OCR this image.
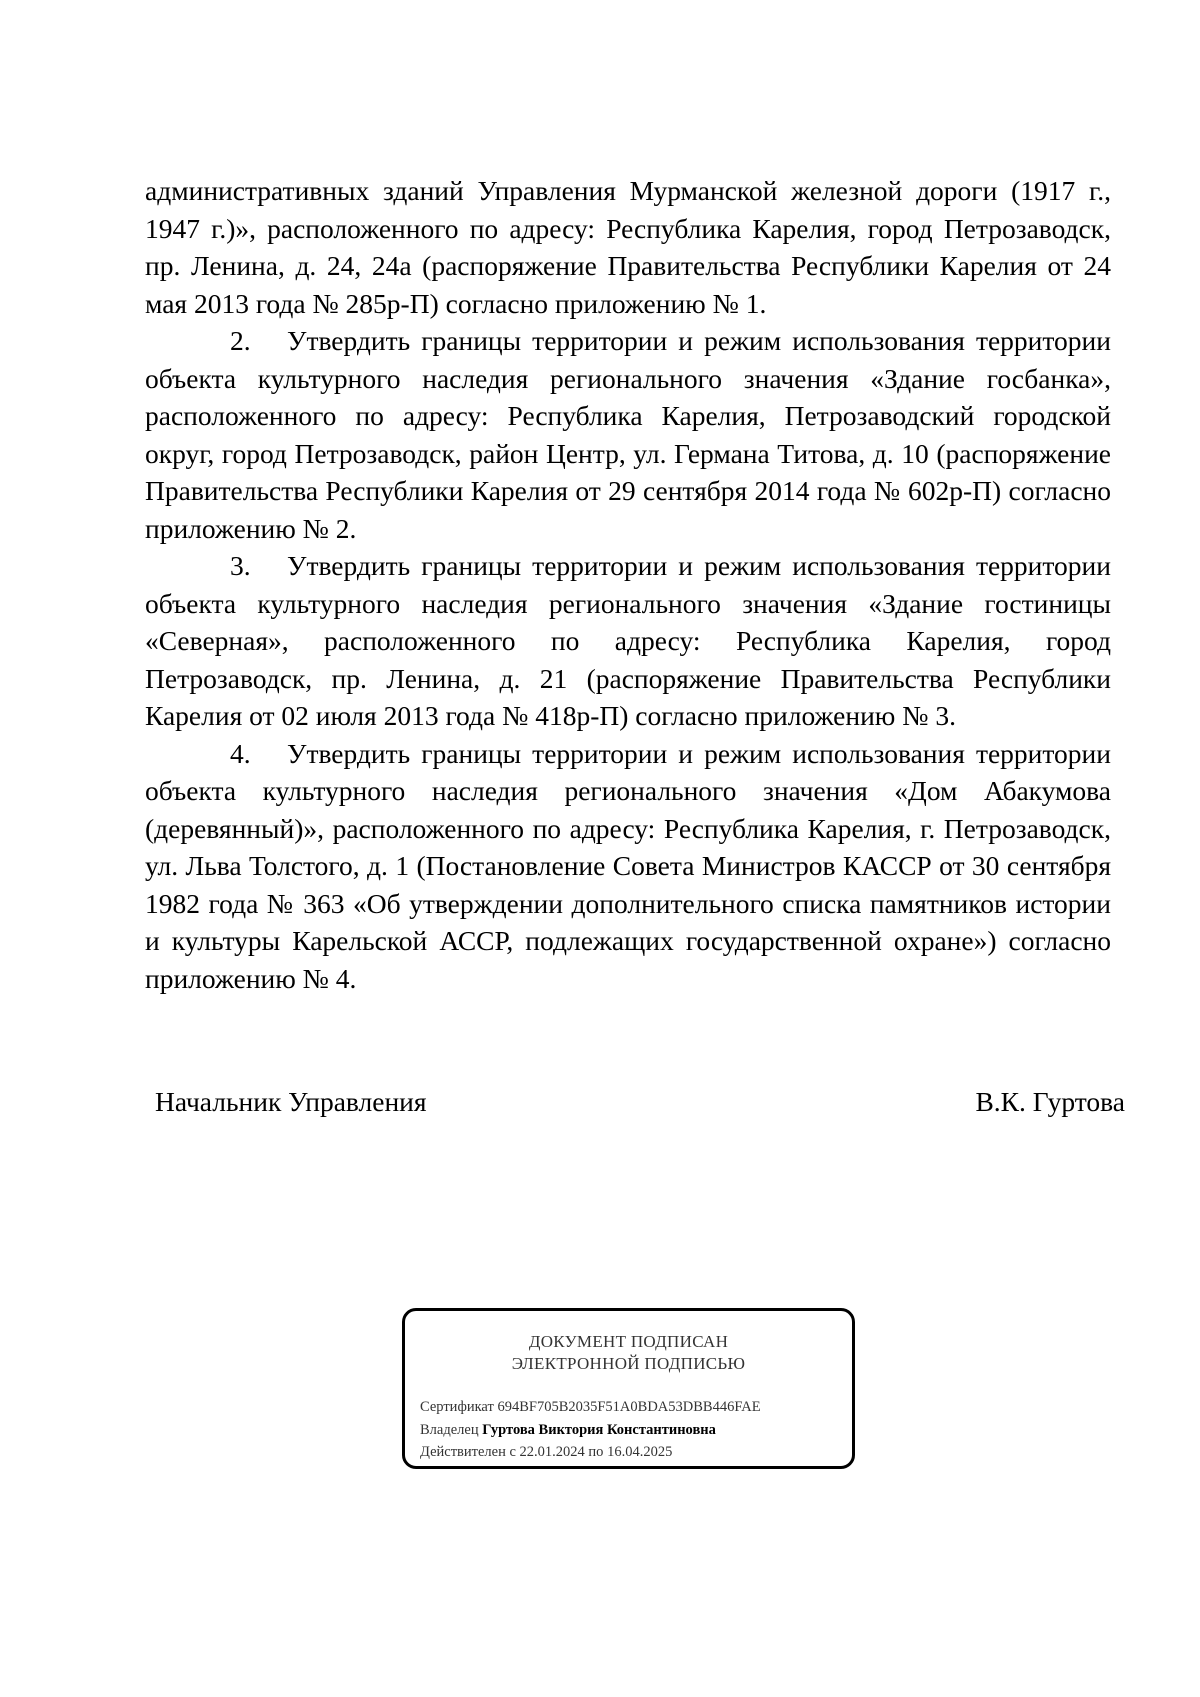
административных зданий Управления Мурманской железной дороги (1917 г., 1947 г.)», расположенного по адресу: Республика Карелия, город Петрозаводск, пр. Ленина, д. 24, 24а (распоряжение Правительства Республики Карелия от 24 мая 2013 года № 285р-П) согласно приложению № 1.

2. Утвердить границы территории и режим использования территории объекта культурного наследия регионального значения «Здание госбанка», расположенного по адресу: Республика Карелия, Петрозаводский городской округ, город Петрозаводск, район Центр, ул. Германа Титова, д. 10 (распоряжение Правительства Республики Карелия от 29 сентября 2014 года № 602р-П) согласно приложению № 2.

3. Утвердить границы территории и режим использования территории объекта культурного наследия регионального значения «Здание гостиницы «Северная», расположенного по адресу: Республика Карелия, город Петрозаводск, пр. Ленина, д. 21 (распоряжение Правительства Республики Карелия от 02 июля 2013 года № 418р-П) согласно приложению № 3.

4. Утвердить границы территории и режим использования территории объекта культурного наследия регионального значения «Дом Абакумова (деревянный)», расположенного по адресу: Республика Карелия, г. Петрозаводск, ул. Льва Толстого, д. 1 (Постановление Совета Министров КАССР от 30 сентября 1982 года № 363 «Об утверждении дополнительного списка памятников истории и культуры Карельской АССР, подлежащих государственной охране») согласно приложению № 4.

Начальник Управления	В.К. Гуртова
ДОКУМЕНТ ПОДПИСАН
ЭЛЕКТРОННОЙ ПОДПИСЬЮ
Сертификат 694BF705B2035F51A0BDA53DBB446FAE
Владелец Гуртова Виктория Константиновна
Действителен с 22.01.2024 по 16.04.2025
